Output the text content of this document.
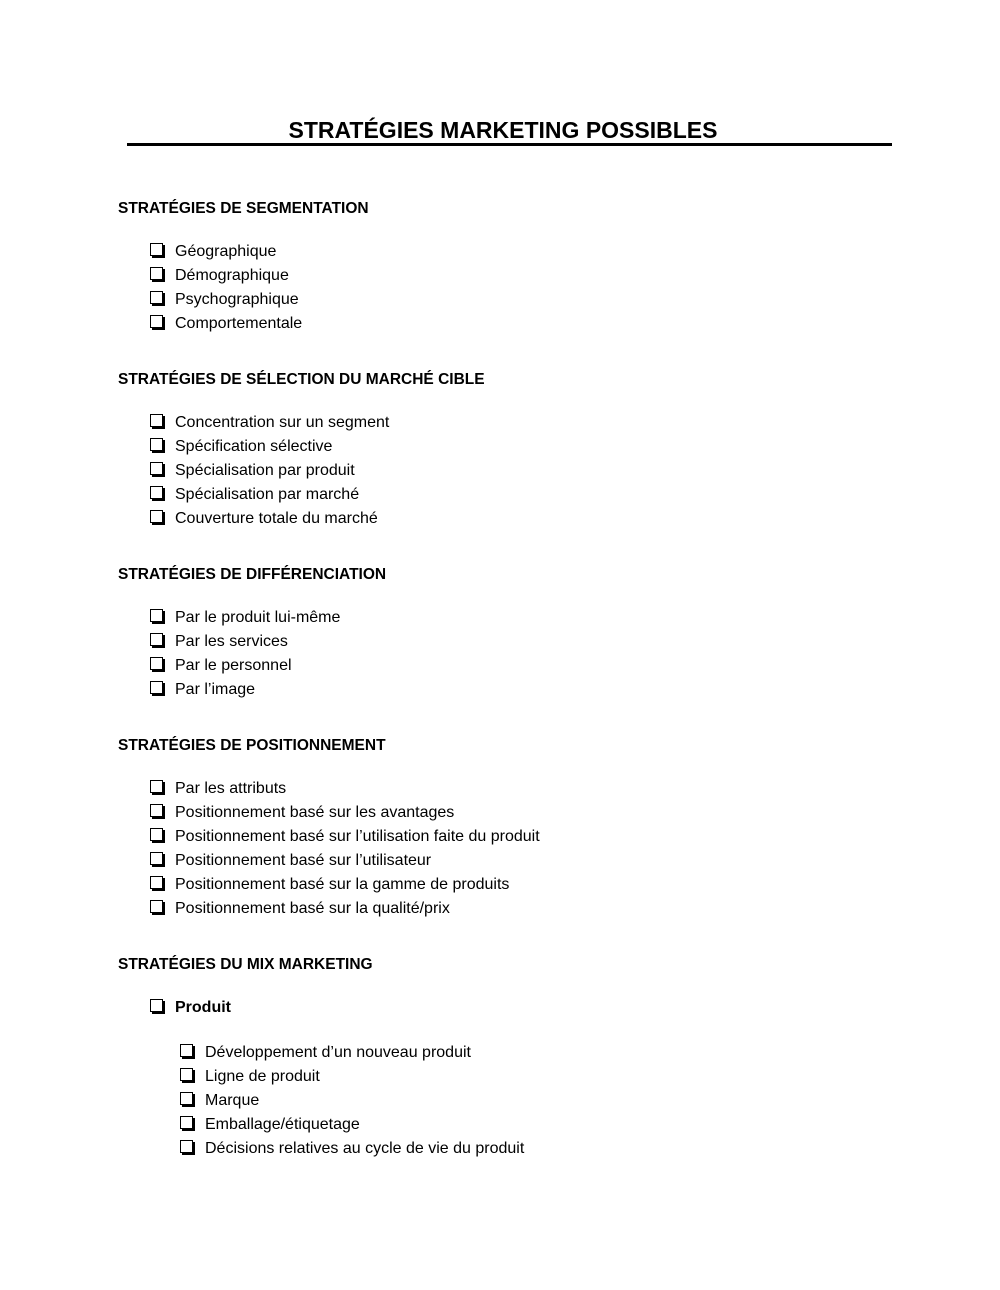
STRATÉGIES MARKETING POSSIBLES
STRATÉGIES DE SEGMENTATION
Géographique
Démographique
Psychographique
Comportementale
STRATÉGIES DE SÉLECTION DU MARCHÉ CIBLE
Concentration sur un segment
Spécification sélective
Spécialisation par produit
Spécialisation par marché
Couverture totale du marché
STRATÉGIES DE DIFFÉRENCIATION
Par le produit lui-même
Par les services
Par le personnel
Par l’image
STRATÉGIES DE POSITIONNEMENT
Par les attributs
Positionnement basé sur les avantages
Positionnement basé sur l’utilisation faite du produit
Positionnement basé sur l’utilisateur
Positionnement basé sur la gamme de produits
Positionnement basé sur la qualité/prix
STRATÉGIES DU MIX MARKETING
Produit
Développement d’un nouveau produit
Ligne de produit
Marque
Emballage/étiquetage
Décisions relatives au cycle de vie du produit
